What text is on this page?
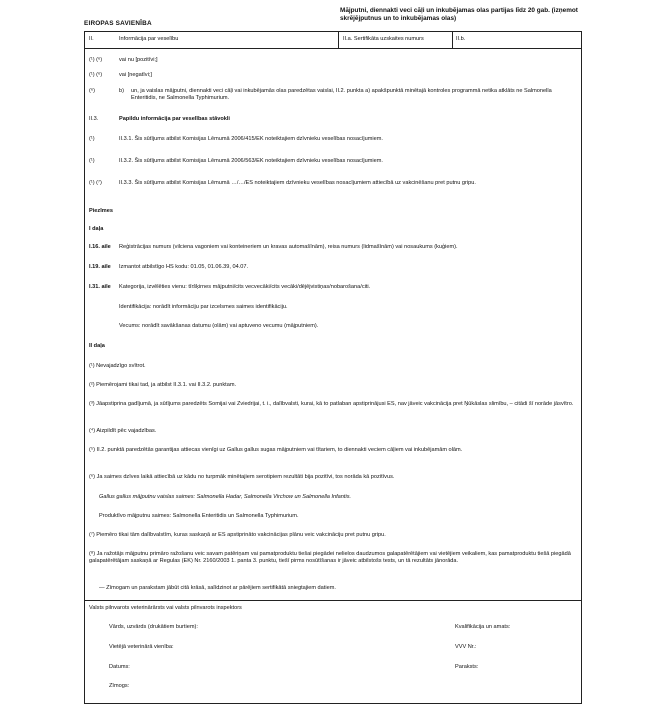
EIROPAS SAVIENĪBA
Mājputni, diennakti veci cāļi un inkubējamas olas partijas līdz 20 gab. (izņemot skrējējputnus un to inkubējamas olas)
II.	Informācija par veselību	II.a. Sertifikāta uzskaites numurs	II.b.
(¹) (⁶)	vai nu [pozitīvi;]
(¹) (⁶)	vai [negatīvi;]
(⁶)	b) un, ja vaislas mājputni, diennakti veci cāļi vai inkubējamās olas paredzētas vaislai, II.2. punkta a) apakšpunktā minētajā kontroles programmā netika atklāts ne Salmonella Enteritidis, ne Salmonella Typhimurium.
II.3.	Papildu informācija par veselības stāvokli
(¹)	II.3.1. Šis sūtījums atbilst Komisijas Lēmumā 2006/415/EK noteiktajiem dzīvnieku veselības nosacījumiem.
(¹)	II.3.2. Šis sūtījums atbilst Komisijas Lēmumā 2006/563/EK noteiktajiem dzīvnieku veselības nosacījumiem.
(¹) (⁷)	II.3.3. Šis sūtījums atbilst Komisijas Lēmumā …/…/ES noteiktajiem dzīvnieku veselības nosacījumiem attiecībā uz vakcinēšanu pret putnu gripu.
Piezīmes
I daļa
I.16. aile Reģistrācijas numurs (vilciena vagoniem vai konteineriem un kravas automašīnām), reisa numurs (lidmašīnām) vai nosaukums (kuģiem).
I.19. aile Izmantot atbilstīgo HS kodu: 01.05, 01.06.39, 04.07.
I.31. aile Kategorija, izvēlēties vienu: tīršķirnes mājputni/cits vecvecāki/cits vecāki/dējējvistiņas/nobarošana/citi.
Identifikācija: norādīt informāciju par izcelsmes saimes identifikāciju.
Vecums: norādīt savākšanas datumu (olām) vai aptuveno vecumu (mājputniem).
II daļa
(¹) Nevajadzīgo svītrot.
(²) Piemērojami tikai tad, ja atbilst II.3.1. vai II.3.2. punktam.
(³) Jāapstiprina gadījumā, ja sūtījums paredzēts Somijai vai Zviedrijai, t. i., dalībvalsti, kurai, kā to patlaban apstiprinājusi ES, nav jāveic vakcinācija pret Ņūkāslas slimību, – citādi šī norāde jāsvītro.
(⁴) Aizpildīt pēc vajadzības.
(⁵) II.2. punktā paredzētās garantijas attiecas vienīgi uz Gallus gallus sugas mājputniem vai tītariem, to diennakti veciem cāļiem vai inkubējamām olām.
(⁶) Ja saimes dzīves laikā attiecībā uz kādu no turpmāk minētajiem serotipiem rezultāti bija pozitīvi, tos norāda kā pozitīvus.
Gallus gallus mājputnu vaislas saimes: Salmonella Hadar, Salmonella Virchow un Salmonella Infantis.
Produktīvo mājputnu saimes: Salmonella Enteritidis un Salmonella Typhimurium.
(⁷) Piemēro tikai tām dalībvalstīm, kuras saskaņā ar ES apstiprināto vakcinācijas plānu veic vakcināciju pret putnu gripu.
(⁸) Ja ražotājs mājputnu primāro ražošanu veic savam patēriņam vai pamatproduktu tiešai piegādei nelielos daudzumos galapatērētājiem vai vietējiem veikaliem, kas pamatproduktu tiešā piegādā galapatērētājam saskaņā ar Regulas (EK) Nr. 2160/2003 1. panta 3. punktu, tiešī pirms nosūtīšanas ir jāveic atbilstošs tests, un tā rezultāts jānorāda.
— Zīmogam un parakstam jābūt citā krāsā, salīdzinot ar pārējiem sertifikātā sniegtajiem datiem.
Valsts pilnvarots veterinārārsts vai valsts pilnvarots inspektors
Vārds, uzvārds (drukātiem burtiem):	Kvalifikācija un amats:
Vietējā veterinārā vienība:	VVV Nr.:
Datums:	Paraksts:
Zīmogs:
